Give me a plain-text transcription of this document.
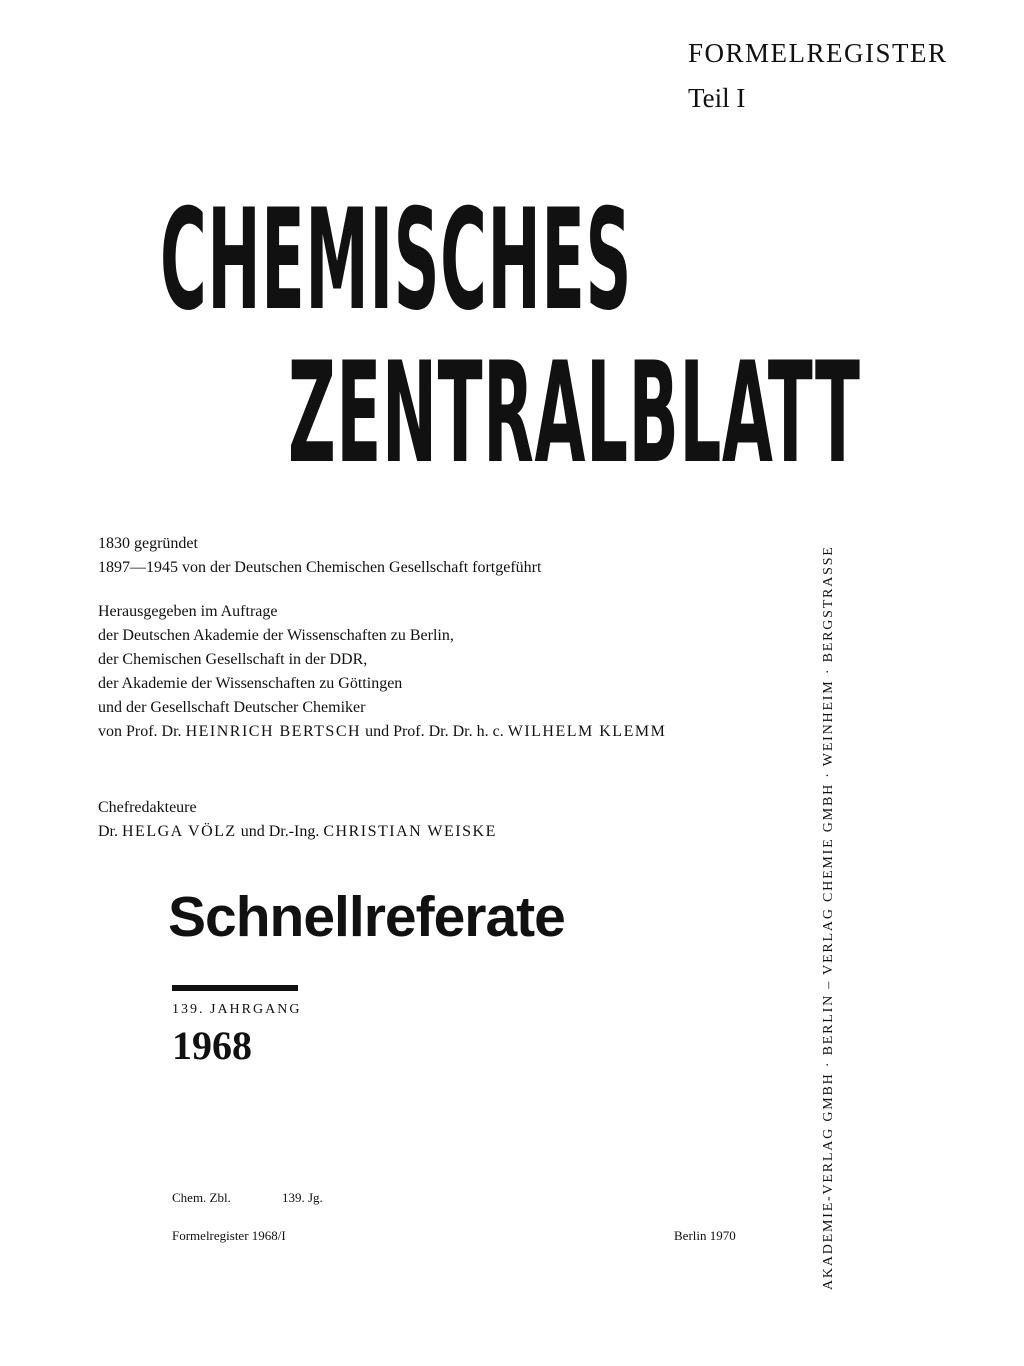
FORMELREGISTER
Teil I
CHEMISCHES
ZENTRALBLATT
1830 gegründet
1897—1945 von der Deutschen Chemischen Gesellschaft fortgeführt
Herausgegeben im Auftrage
der Deutschen Akademie der Wissenschaften zu Berlin,
der Chemischen Gesellschaft in der DDR,
der Akademie der Wissenschaften zu Göttingen
und der Gesellschaft Deutscher Chemiker
von Prof. Dr. HEINRICH BERTSCH und Prof. Dr. Dr. h. c. WILHELM KLEMM
Chefredakteure
Dr. HELGA VÖLZ und Dr.-Ing. CHRISTIAN WEISKE
Schnellreferate
139. JAHRGANG
1968
Chem. Zbl.	139. Jg.
Formelregister 1968/I	Berlin 1970	AKADEMIE-VERLAG GMBH · BERLIN – VERLAG CHEMIE GMBH · WEINHEIM · BERGSTRASSE
